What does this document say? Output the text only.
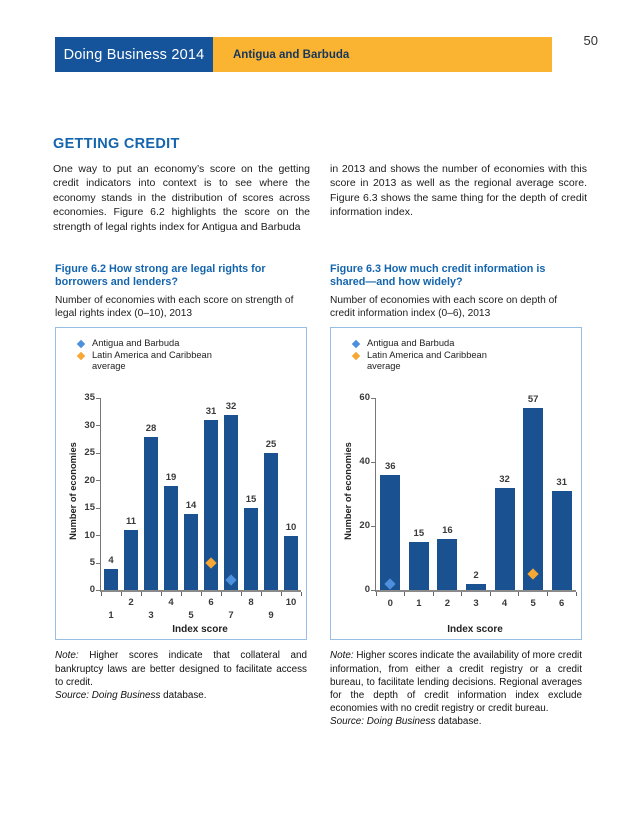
Doing Business 2014 Antigua and Barbuda
50
GETTING CREDIT

One way to put an economy’s score on the getting credit indicators into context is to see where the economy stands in the distribution of scores across economies. Figure 6.2 highlights the score on the strength of legal rights index for Antigua and Barbuda

in 2013 and shows the number of economies with this score in 2013 as well as the regional average score. Figure 6.3 shows the same thing for the depth of credit information index.

Figure 6.2 How strong are legal rights for borrowers and lenders?

Number of economies with each score on strength of legal rights index (0–10), 2013

Antigua and Barbuda
Latin America and Caribbean average
Number of economies
0
5
10
15
20
25
30
35
4
1
11
2
28
3
19
4
14
5
31
6
32
7
15
8
25
9
10
10
Index score

Note: Higher scores indicate that collateral and bankruptcy laws are better designed to facilitate access to credit.

Source: Doing Business database.

Figure 6.3 How much credit information is shared—and how widely?

Number of economies with each score on depth of credit information index (0–6), 2013

Antigua and Barbuda
Latin America and Caribbean average
Number of economies
0
20
40
60
36
0
15
1
16
2
2
3
32
4
57
5
31
6
Index score

Note: Higher scores indicate the availability of more credit information, from either a credit registry or a credit bureau, to facilitate lending decisions. Regional averages for the depth of credit information index exclude economies with no credit registry or credit bureau.

Source: Doing Business database.
